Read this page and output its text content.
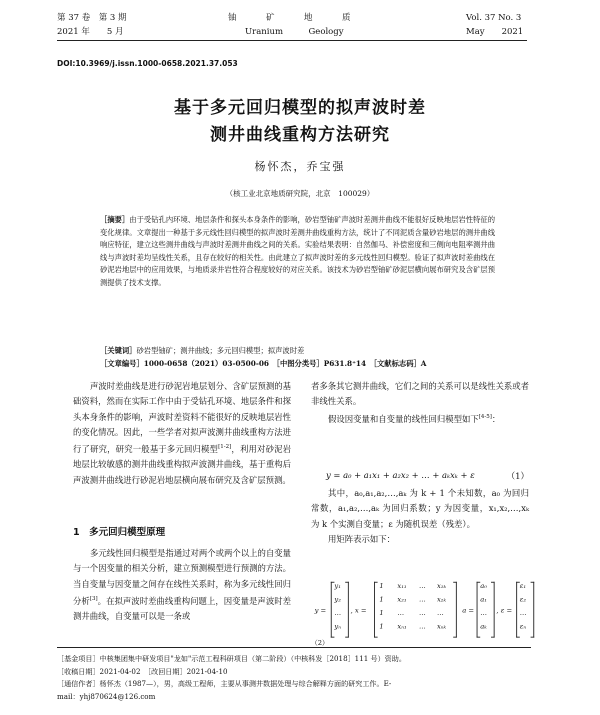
第 37 卷　第 3 期
2021 年　　5 月
铀　　　矿　　　地　　　质
Uranium　　　Geology
Vol. 37 No. 3
May　　2021
DOI:10.3969/j.issn.1000-0658.2021.37.053
基于多元回归模型的拟声波时差
测井曲线重构方法研究
杨怀杰，乔宝强
（核工业北京地质研究院，北京　100029）
［摘要］由于受钻孔内环境、地层条件和探头本身条件的影响，砂岩型铀矿声波时差测井曲线不能很好反映地层岩性特征的变化规律。文章提出一种基于多元线性回归模型的拟声波时差测井曲线重构方法，统计了不同泥质含量砂岩地层的测井曲线响应特征，建立这些测井曲线与声波时差测井曲线之间的关系。实验结果表明：自然伽马、补偿密度和三侧向电阻率测井曲线与声波时差均呈线性关系，且存在较好的相关性。由此建立了拟声波时差的多元线性回归模型。验证了拟声波时差曲线在砂泥岩地层中的应用效果，与地质录井岩性符合程度较好的对应关系。该技术为砂岩型铀矿砂泥层横向展布研究及含矿层预测提供了技术支撑。
［关键词］砂岩型铀矿；测井曲线；多元回归模型；拟声波时差
［文章编号］1000-0658（2021）03-0500-06　［中图分类号］P631.8⁺14　［文献标志码］A

声波时差曲线是进行砂泥岩地层划分、含矿层预测的基础资料，然而在实际工作中由于受钻孔环境、地层条件和探头本身条件的影响，声波时差资料不能很好的反映地层岩性的变化情况。因此，一些学者对拟声波测井曲线重构方法进行了研究，研究一般基于多元回归模型[1-2]，利用对砂泥岩地层比较敏感的测井曲线重构拟声波测井曲线，基于重构后声波测井曲线进行砂泥岩地层横向展布研究及含矿层预测。

1　多元回归模型原理

多元线性回归模型是指通过对两个或两个以上的自变量与一个因变量的相关分析，建立预测模型进行预测的方法。当自变量与因变量之间存在线性关系时，称为多元线性回归分析[3]。在拟声波时差曲线重构问题上，因变量是声波时差测井曲线，自变量可以是一条或

者多条其它测井曲线，它们之间的关系可以是线性关系或者非线性关系。

假设因变量和自变量的线性回归模型如下[4-5]：

y = a₀ + a₁x₁ + a₂x₂ + … + aₖxₖ + ε	（1）

其中，a₀,a₁,a₂,…,aₖ 为 k + 1 个未知数，a₀ 为回归常数，a₁,a₂,…,aₖ 为回归系数；y 为因变量，x₁,x₂,…,xₖ 为 k 个实测自变量；ε 为随机误差（残差）。

用矩阵表示如下：

y =
y₁
y₂
…
yₙ
, x =
1 x₁₁ … x₁ₖ
1 x₂₁ … x₂ₖ
1 … … …
1 xₙ₁ … xₙₖ
a =
a₀
a₁
…
aₖ
, ε =
ε₁
ε₂
…
εₙ
（2）
［基金项目］中核集团集中研发项目"龙如"示范工程科研项目（第二阶段）（中核科发［2018］111 号）资助。
［收稿日期］2021-04-02　［改回日期］2021-04-10
［通信作者］杨怀杰（1987—），男，高级工程师，主要从事测井数据处理与综合解释方面的研究工作。E-
mail：yhj870624@126.com
